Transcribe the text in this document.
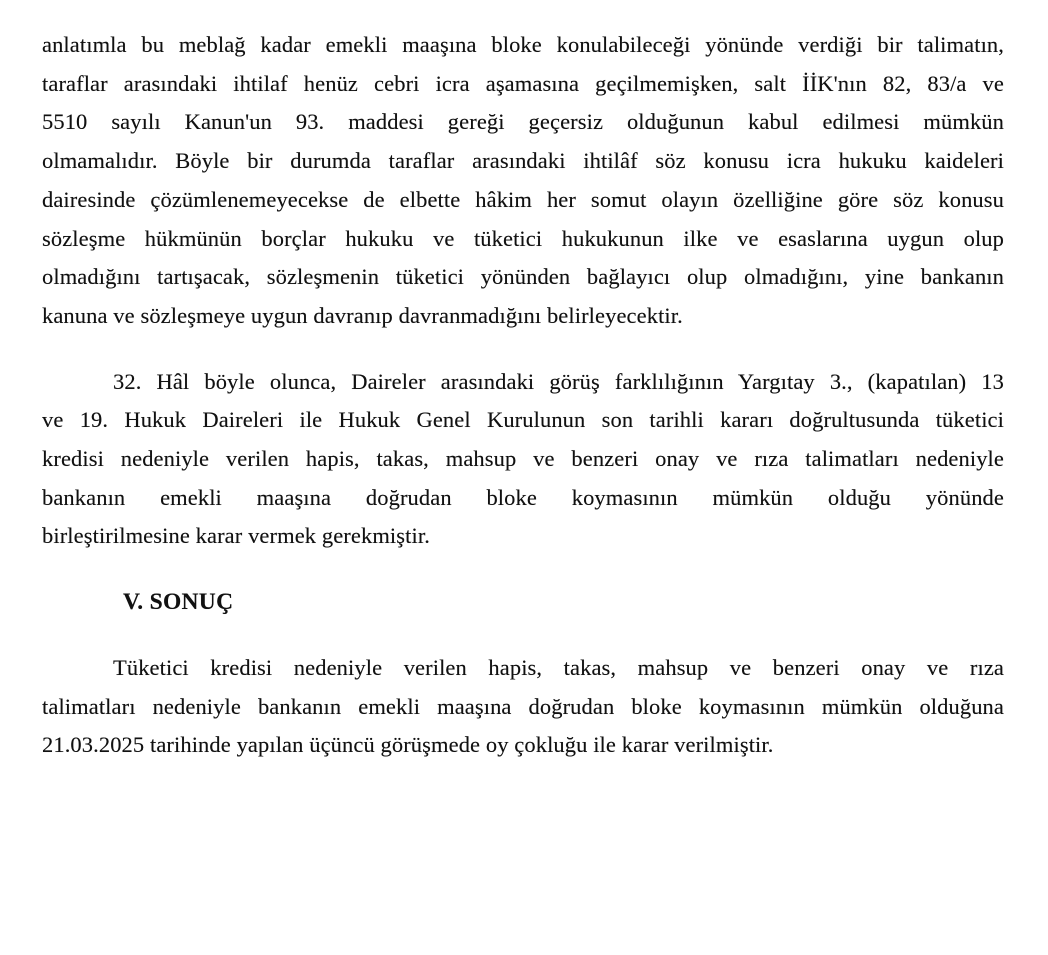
anlatımla bu meblağ kadar emekli maaşına bloke konulabileceği yönünde verdiği bir talimatın,
taraflar arasındaki ihtilaf henüz cebri icra aşamasına geçilmemişken, salt İİK'nın 82, 83/a ve
5510 sayılı Kanun'un 93. maddesi gereği geçersiz olduğunun kabul edilmesi mümkün
olmamalıdır. Böyle bir durumda taraflar arasındaki ihtilâf söz konusu icra hukuku kaideleri
dairesinde çözümlenemeyecekse de elbette hâkim her somut olayın özelliğine göre söz konusu
sözleşme hükmünün borçlar hukuku ve tüketici hukukunun ilke ve esaslarına uygun olup
olmadığını tartışacak, sözleşmenin tüketici yönünden bağlayıcı olup olmadığını, yine bankanın
kanuna ve sözleşmeye uygun davranıp davranmadığını belirleyecektir.
32. Hâl böyle olunca, Daireler arasındaki görüş farklılığının Yargıtay 3., (kapatılan) 13
ve 19. Hukuk Daireleri ile Hukuk Genel Kurulunun son tarihli kararı doğrultusunda tüketici
kredisi nedeniyle verilen hapis, takas, mahsup ve benzeri onay ve rıza talimatları nedeniyle
bankanın emekli maaşına doğrudan bloke koymasının mümkün olduğu yönünde
birleştirilmesine karar vermek gerekmiştir.
V. SONUÇ
Tüketici kredisi nedeniyle verilen hapis, takas, mahsup ve benzeri onay ve rıza
talimatları nedeniyle bankanın emekli maaşına doğrudan bloke koymasının mümkün olduğuna
21.03.2025 tarihinde yapılan üçüncü görüşmede oy çokluğu ile karar verilmiştir.
